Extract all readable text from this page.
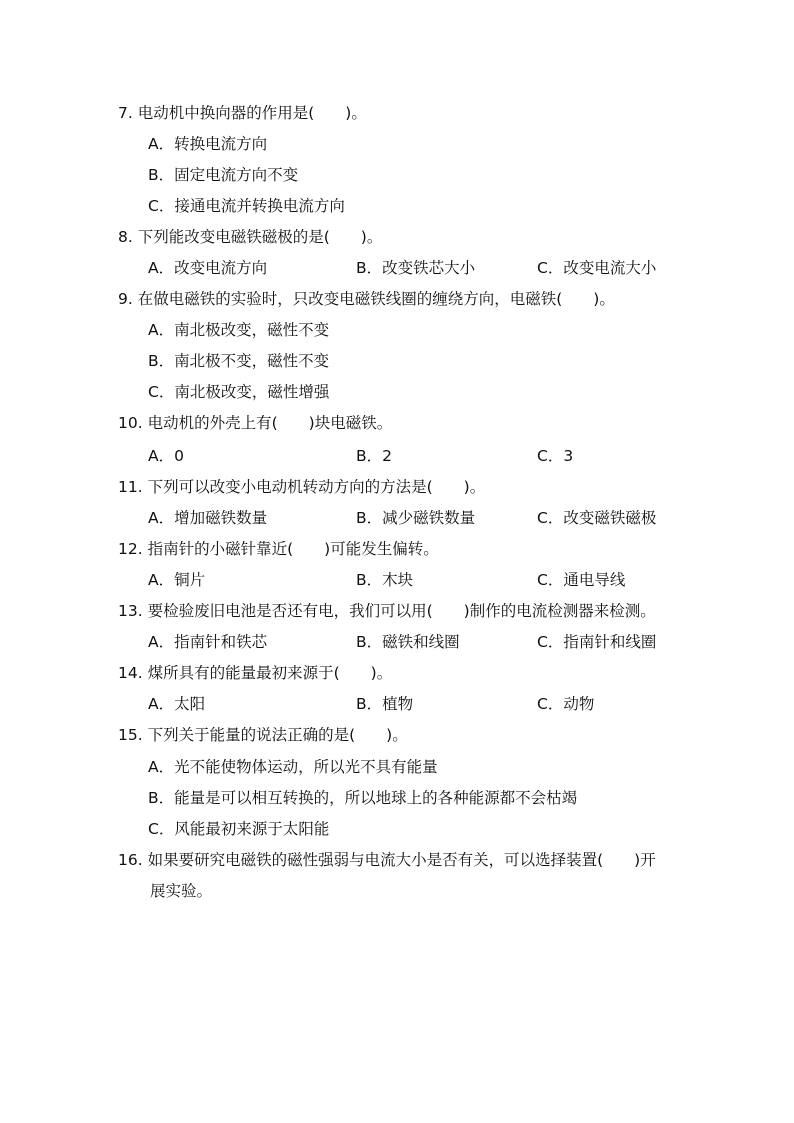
7. 电动机中换向器的作用是(　　)。
A．转换电流方向
B．固定电流方向不变
C．接通电流并转换电流方向
8. 下列能改变电磁铁磁极的是(　　)。
A．改变电流方向	B．改变铁芯大小	C．改变电流大小
9. 在做电磁铁的实验时，只改变电磁铁线圈的缠绕方向，电磁铁(　　)。
A．南北极改变，磁性不变
B．南北极不变，磁性不变
C．南北极改变，磁性增强
10. 电动机的外壳上有(　　)块电磁铁。
A．0	B．2	C．3
11. 下列可以改变小电动机转动方向的方法是(　　)。
A．增加磁铁数量	B．减少磁铁数量	C．改变磁铁磁极
12. 指南针的小磁针靠近(　　)可能发生偏转。
A．铜片	B．木块	C．通电导线
13. 要检验废旧电池是否还有电，我们可以用(　　)制作的电流检测器来检测。
A．指南针和铁芯	B．磁铁和线圈	C．指南针和线圈
14. 煤所具有的能量最初来源于(　　)。
A．太阳	B．植物	C．动物
15. 下列关于能量的说法正确的是(　　)。
A．光不能使物体运动，所以光不具有能量
B．能量是可以相互转换的，所以地球上的各种能源都不会枯竭
C．风能最初来源于太阳能
16. 如果要研究电磁铁的磁性强弱与电流大小是否有关，可以选择装置(　　)开
展实验。
